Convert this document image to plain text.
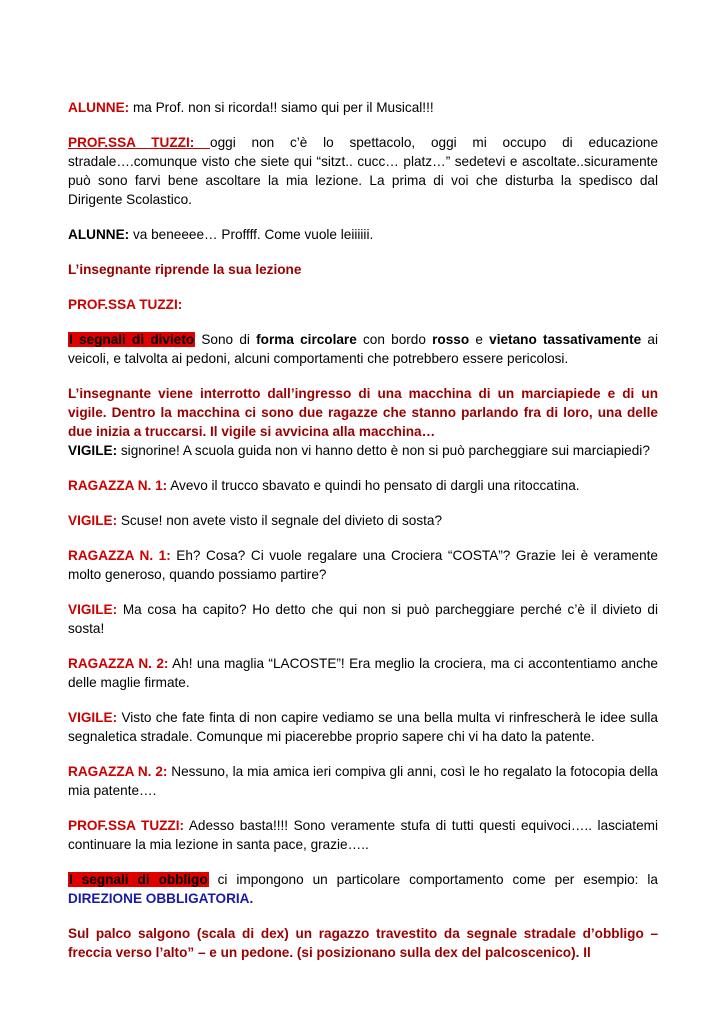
ALUNNE: ma Prof. non si ricorda!! siamo qui per il Musical!!!

PROF.SSA TUZZI: oggi non c’è lo spettacolo, oggi mi occupo di educazione stradale….comunque visto che siete qui “sitzt.. cucc… platz…” sedetevi e ascoltate..sicuramente può sono farvi bene ascoltare la mia lezione. La prima di voi che disturba la spedisco dal Dirigente Scolastico.

ALUNNE: va beneeee… Proffff. Come vuole leiiiiii.

L’insegnante riprende la sua lezione

PROF.SSA TUZZI:

I segnali di divieto Sono di forma circolare con bordo rosso e vietano tassativamente ai veicoli, e talvolta ai pedoni, alcuni comportamenti che potrebbero essere pericolosi.

L’insegnante viene interrotto dall’ingresso di una macchina di un marciapiede e di un vigile. Dentro la macchina ci sono due ragazze che stanno parlando fra di loro, una delle due inizia a truccarsi. Il vigile si avvicina alla macchina…

VIGILE: signorine! A scuola guida non vi hanno detto è non si può parcheggiare sui marciapiedi?

RAGAZZA N. 1: Avevo il trucco sbavato e quindi ho pensato di dargli una ritoccatina.

VIGILE: Scuse! non avete visto il segnale del divieto di sosta?

RAGAZZA N. 1: Eh? Cosa? Ci vuole regalare una Crociera “COSTA”? Grazie lei è veramente molto generoso, quando possiamo partire?

VIGILE: Ma cosa ha capito? Ho detto che qui non si può parcheggiare perché c’è il divieto di sosta!

RAGAZZA N. 2: Ah! una maglia “LACOSTE”! Era meglio la crociera, ma ci accontentiamo anche delle maglie firmate.

VIGILE: Visto che fate finta di non capire vediamo se una bella multa vi rinfrescherà le idee sulla segnaletica stradale. Comunque mi piacerebbe proprio sapere chi vi ha dato la patente.

RAGAZZA N. 2: Nessuno, la mia amica ieri compiva gli anni, così le ho regalato la fotocopia della mia patente….

PROF.SSA TUZZI: Adesso basta!!!! Sono veramente stufa di tutti questi equivoci….. lasciatemi continuare la mia lezione in santa pace, grazie…..

I segnali di obbligo ci impongono un particolare comportamento come per esempio: la DIREZIONE OBBLIGATORIA.

Sul palco salgono (scala di dex) un ragazzo travestito da segnale stradale d’obbligo – freccia verso l’alto” – e un pedone. (si posizionano sulla dex del palcoscenico). Il
